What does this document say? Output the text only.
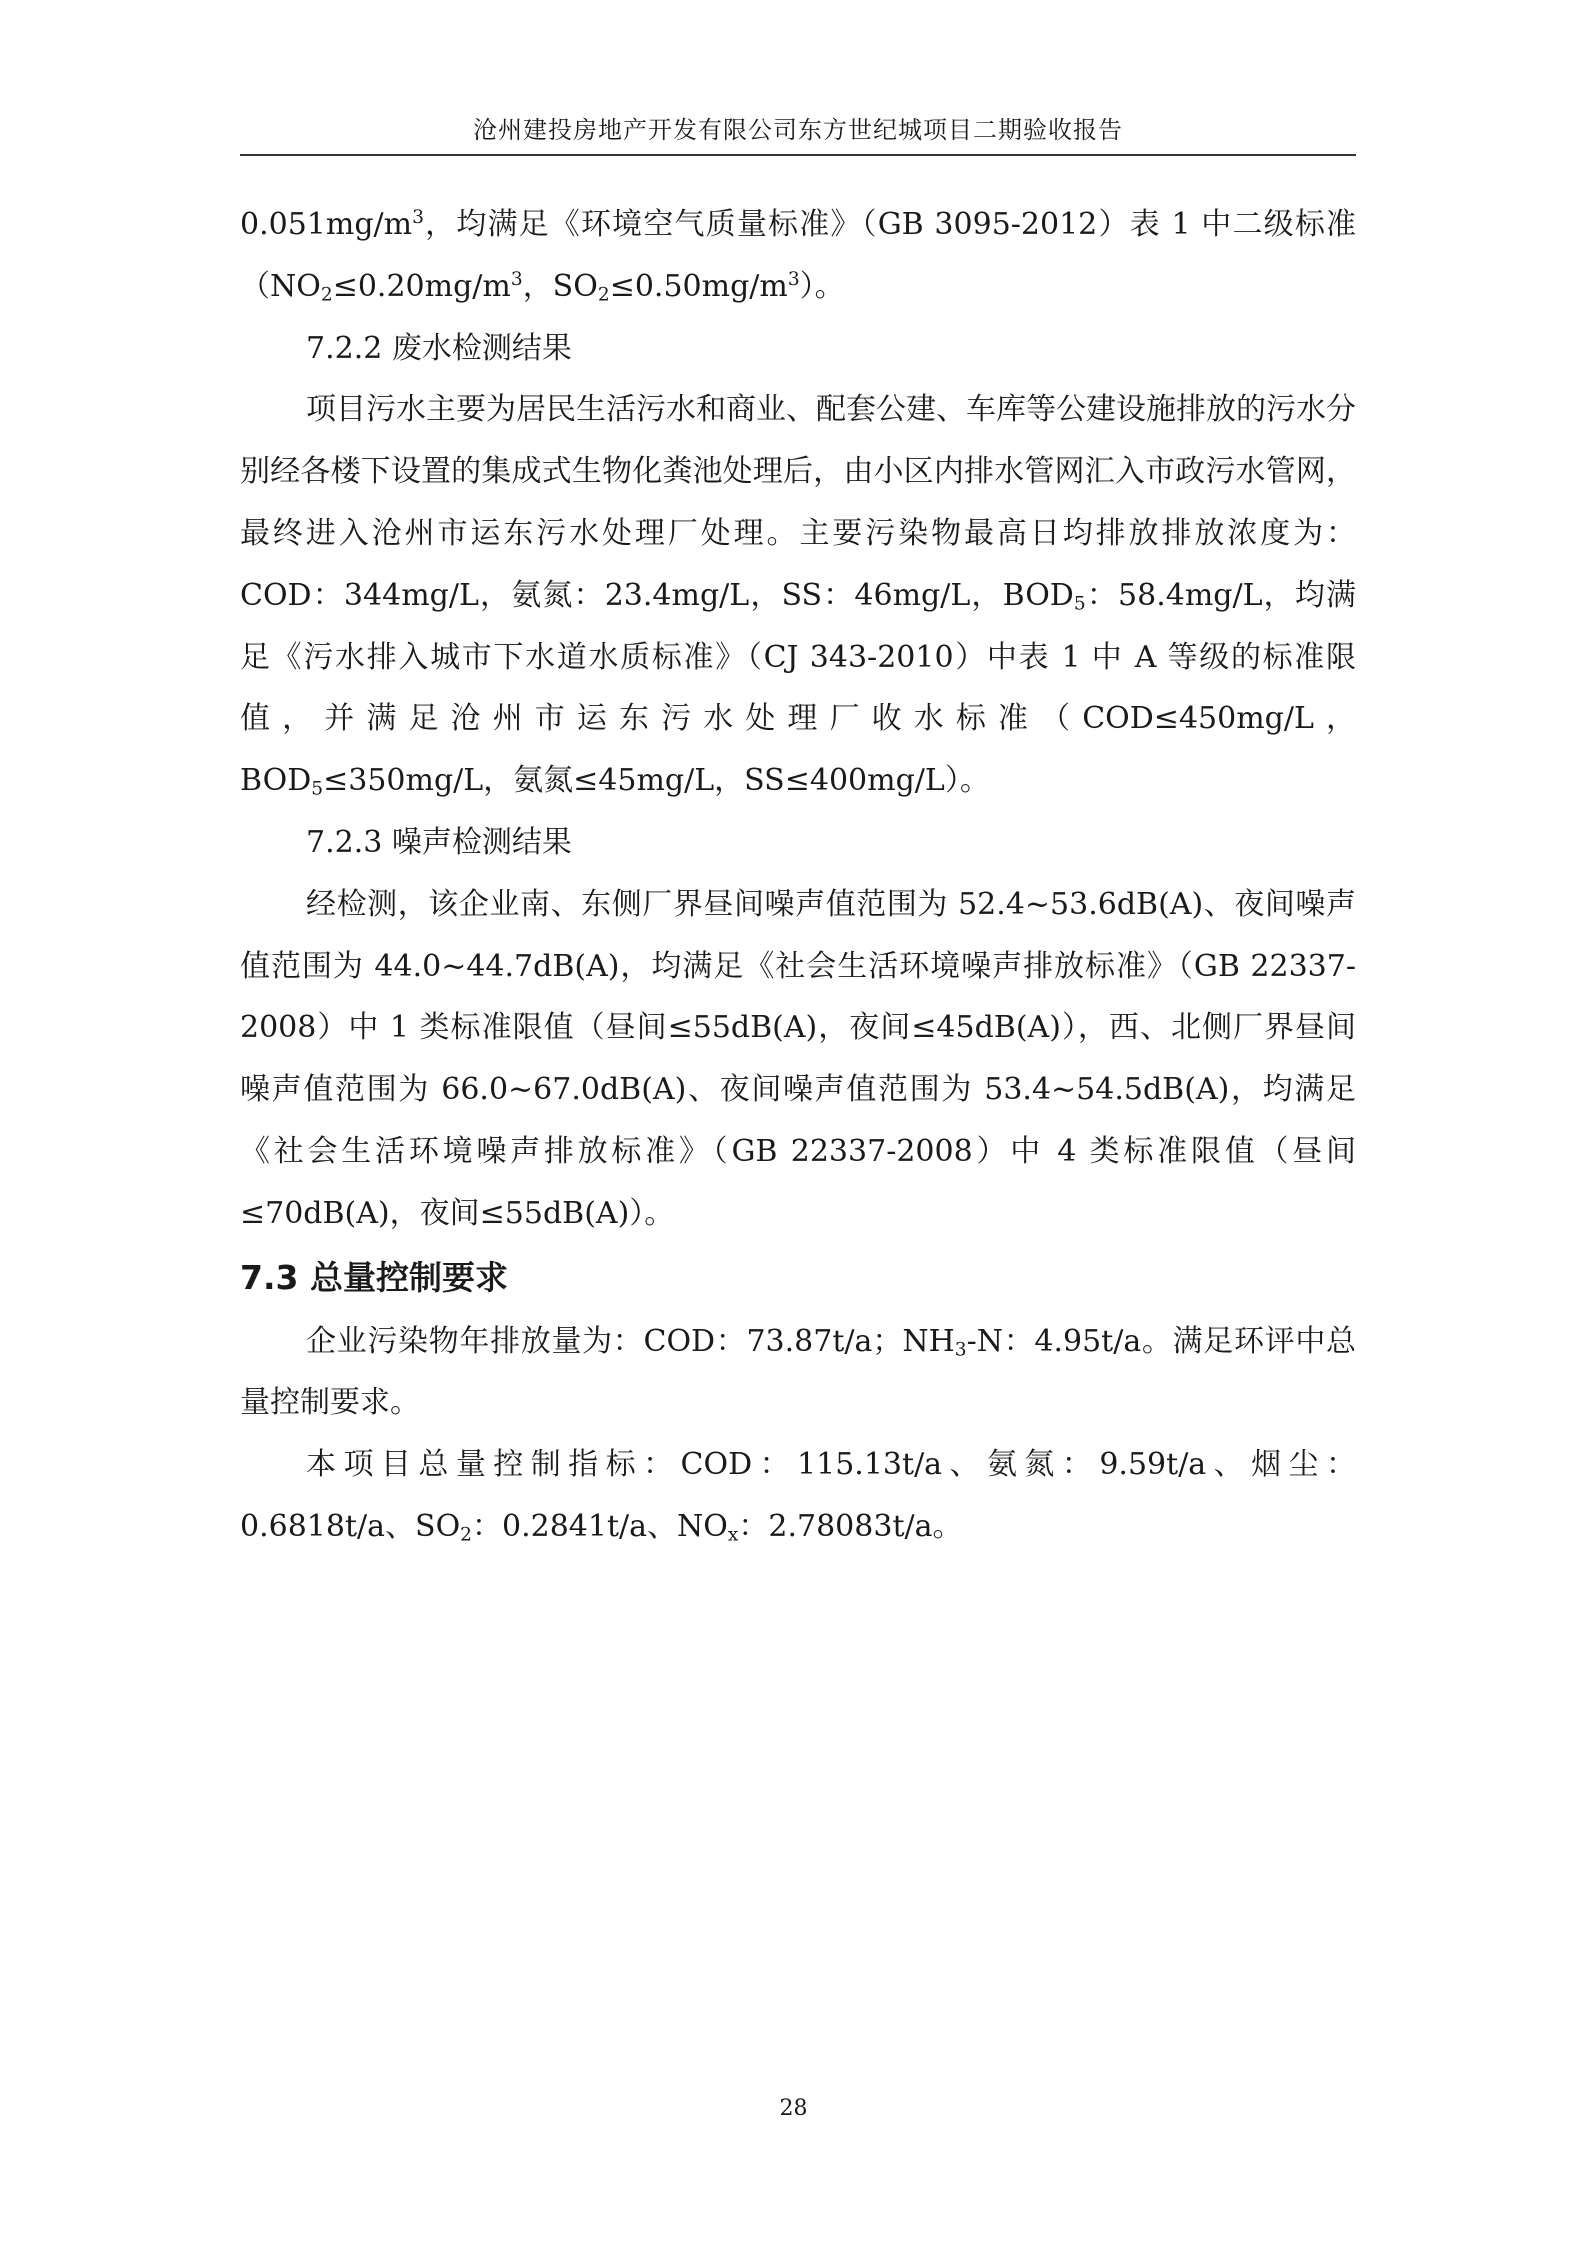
沧州建投房地产开发有限公司东方世纪城项目二期验收报告

$0.051mg/m^3$，均满足《环境空气质量标准》（GB 3095-2012）表 1 中二级标准（$NO_2\le 0.20mg/m^3$，$SO_2\le 0.50mg/m^3$）。

7.2.2 废水检测结果

项目污水主要为居民生活污水和商业、配套公建、车库等公建设施排放的污水分别经各楼下设置的集成式生物化粪池处理后，由小区内排水管网汇入市政污水管网，最终进入沧州市运东污水处理厂处理。主要污染物最高日均排放排放浓度为：COD：344mg/L，氨氮：23.4mg/L，SS：46mg/L，$BOD_5$：58.4mg/L，均满足《污水排入城市下水道水质标准》（CJ 343-2010）中表 1 中 A 等级的标准限值，并满足沧州市运东污水处理厂收水标准（COD≤450mg/L，$BOD_5\le 350mg/L$，氨氮≤45mg/L，SS≤400mg/L）。

7.2.3 噪声检测结果

经检测，该企业南、东侧厂界昼间噪声值范围为 52.4~53.6dB(A)、夜间噪声值范围为 44.0~44.7dB(A)，均满足《社会生活环境噪声排放标准》（GB 22337-2008）中 1 类标准限值（昼间≤55dB(A)，夜间≤45dB(A)），西、北侧厂界昼间噪声值范围为 66.0~67.0dB(A)、夜间噪声值范围为 53.4~54.5dB(A)，均满足《社会生活环境噪声排放标准》（GB 22337-2008）中 4 类标准限值（昼间≤70dB(A)，夜间≤55dB(A)）。

7.3 总量控制要求

企业污染物年排放量为：COD：73.87t/a；$NH_3-N$：4.95t/a。满足环评中总量控制要求。

本项目总量控制指标：COD：115.13t/a、氨氮：9.59t/a、烟尘：0.6818t/a、$SO_2$：0.2841t/a、$NO_x$：2.78083t/a。

28
